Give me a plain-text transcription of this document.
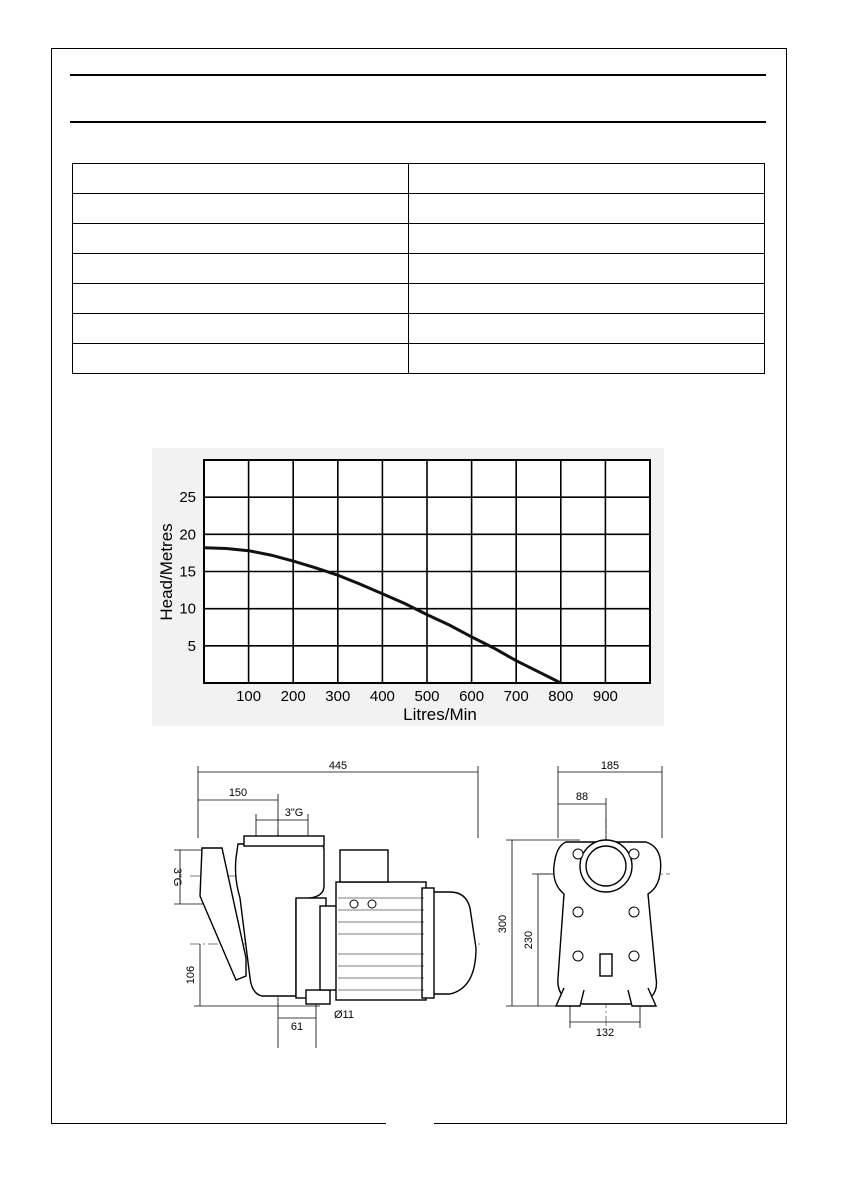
5
10
15
20
25
100 200 300 400 500 600 700 800 900
Head/Metres
Litres/Min
445
150
3"G
3"G
106
61
Ø11
185
88
300
230
132
